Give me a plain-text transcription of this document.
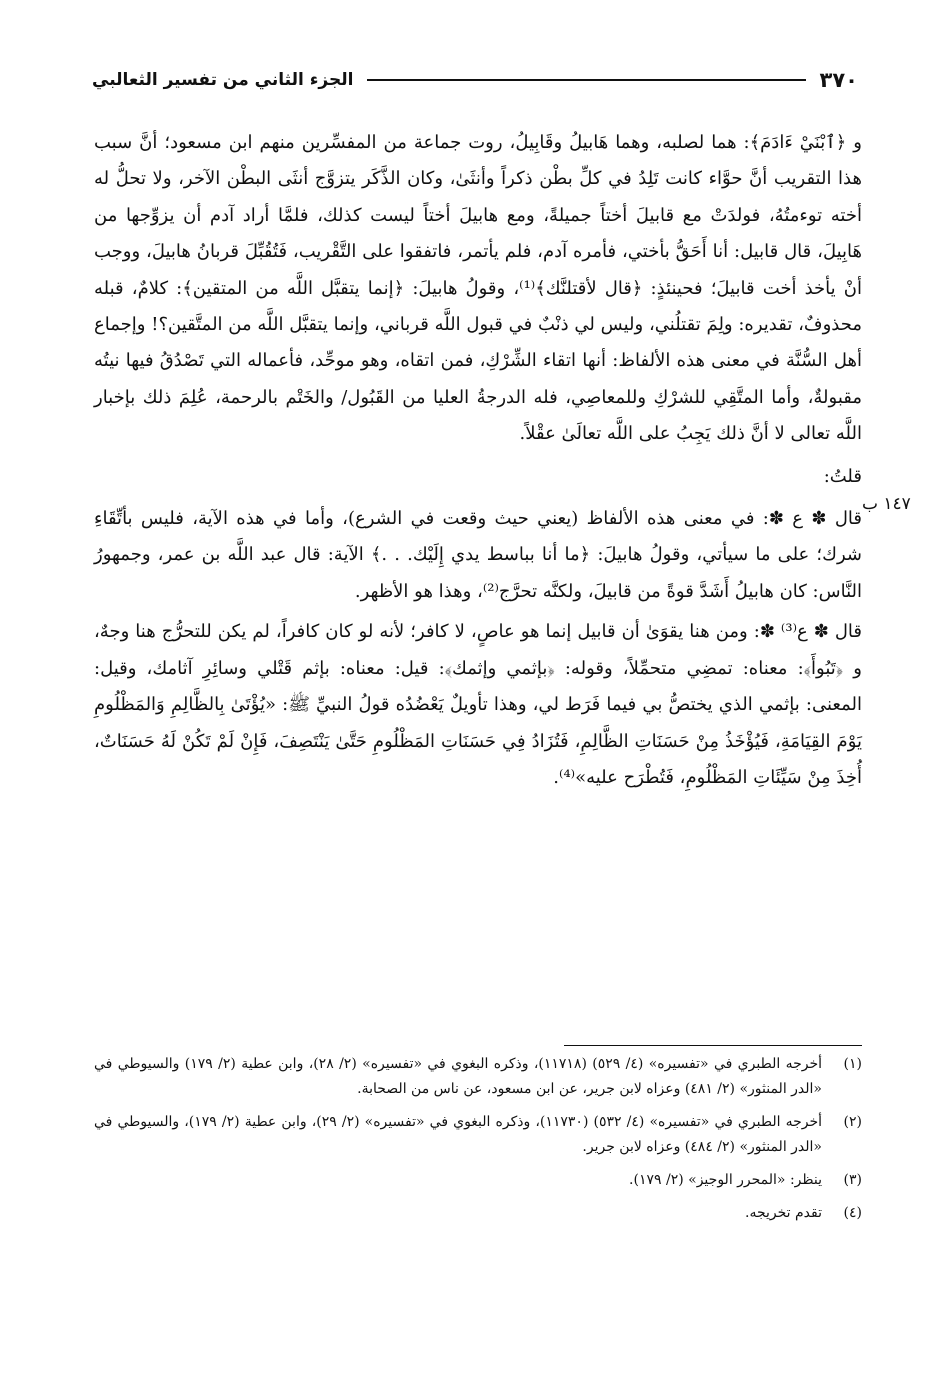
٣٧٠
الجزء الثاني من تفسير الثعالبي
١٤٧ ب

و ﴿ٱبْنَيْ ءَادَمَ﴾: هما لصلبه، وهما هَابيلُ وقَابِيلُ، روت جماعة من المفسِّرين منهم ابن مسعود؛ أنَّ سبب هذا التقريب أنَّ حوَّاء كانت تَلِدُ في كلِّ بطْن ذكراً وأنثَىٰ، وكان الذَّكَر يتزوَّج أنثَى البطْن الآخر، ولا تحلُّ له أخته توءمتُهُ، فولدَتْ مع قابيلَ أختاً جميلةً، ومع هابيلَ أختاً ليست كذلك، فلمَّا أراد آدم أن يزوِّجها من هَابِيلَ، قال قابيل: أنا أَحَقُّ بأختي، فأمره آدم، فلم يأتمر، فاتفقوا على التَّقْريب، فَتُقُبِّلَ قربانُ هابيلَ، ووجب أنْ يأخذ أخت قابيلَ؛ فحينئذٍ: ﴿قال لأقتلنَّك﴾⁽¹⁾، وقولُ هابيلَ: ﴿إنما يتقبَّل اللَّه من المتقين﴾: كلامٌ، قبله محذوفٌ، تقديره: ولِمَ تقتلُني، وليس لي ذنْبٌ في قبول اللَّه قرباني، وإنما يتقبَّل اللَّه من المتَّقين؟! وإجماع أهل السُّنَّة في معنى هذه الألفاظ: أنها اتقاء الشِّرْكِ، فمن اتقاه، وهو موحِّد، فأعماله التي تَصْدُقُ فيها نيتُه مقبولةٌ، وأما المتَّقِي للشرْكِ وللمعاصِي، فله الدرجةُ العليا من القَبُول/ والخَتْم بالرحمة، عُلِمَ ذلك بإخبار اللَّه تعالى لا أنَّ ذلك يَجِبُ على اللَّه تعالَىٰ عقْلاً.

قلتُ:

قال ✽ ع ✽: في معنى هذه الألفاظ (يعني حيث وقعت في الشرع)، وأما في هذه الآية، فليس بأتِّقَاءِ شرك؛ على ما سيأتي، وقولُ هابيلَ: ﴿ما أنا بباسط يدي إِلَيْك. . .﴾ الآية: قال عبد اللَّه بن عمر، وجمهورُ النَّاس: كان هابيلُ أَشَدَّ قوةً من قابيلَ، ولكنَّه تحرَّج⁽²⁾، وهذا هو الأظهر.

قال ✽ ع⁽³⁾ ✽: ومن هنا يقوَىٰ أن قابيل إنما هو عاصٍ، لا كافر؛ لأنه لو كان كافراً، لم يكن للتحرُّج هنا وجهٌ، و ﴿تَبُوأَ﴾: معناه: تمضِي متحمِّلاً، وقوله: ﴿بإثمي وإثمك﴾: قيل: معناه: بإثم قَتْلي وسائِرِ آثامك، وقيل: المعنى: بإثمي الذي يختصُّ بي فيما فَرَط لي، وهذا تأويلٌ يَعْضُدُه قولُ النبيِّ ﷺ: «يُؤْتَىٰ بِالظَّالِمِ وَالمَظْلُومِ يَوْمَ القِيَامَةِ، فَيُؤْخَذُ مِنْ حَسَنَاتِ الظَّالِمِ، فَتُزَادُ فِي حَسَنَاتِ المَظْلُومِ حَتَّىٰ يَنْتَصِفَ، فَإِنْ لَمْ تَكُنْ لَهُ حَسَنَاتٌ، أُخِذَ مِنْ سَيِّئَاتِ المَظْلُومِ، فَتُطْرَح عليه»⁽⁴⁾.

(١)
أخرجه الطبري في «تفسيره» (٤/ ٥٢٩) (١١٧١٨)، وذكره البغوي في «تفسيره» (٢/ ٢٨)، وابن عطية (٢/ ١٧٩) والسيوطي في «الدر المنثور» (٢/ ٤٨١) وعزاه لابن جرير، عن ابن مسعود، عن ناس من الصحابة.
(٢)
أخرجه الطبري في «تفسيره» (٤/ ٥٣٢) (١١٧٣٠)، وذكره البغوي في «تفسيره» (٢/ ٢٩)، وابن عطية (٢/ ١٧٩)، والسيوطي في «الدر المنثور» (٢/ ٤٨٤) وعزاه لابن جرير.
(٣)
ينظر: «المحرر الوجيز» (٢/ ١٧٩).
(٤)
تقدم تخريجه.
